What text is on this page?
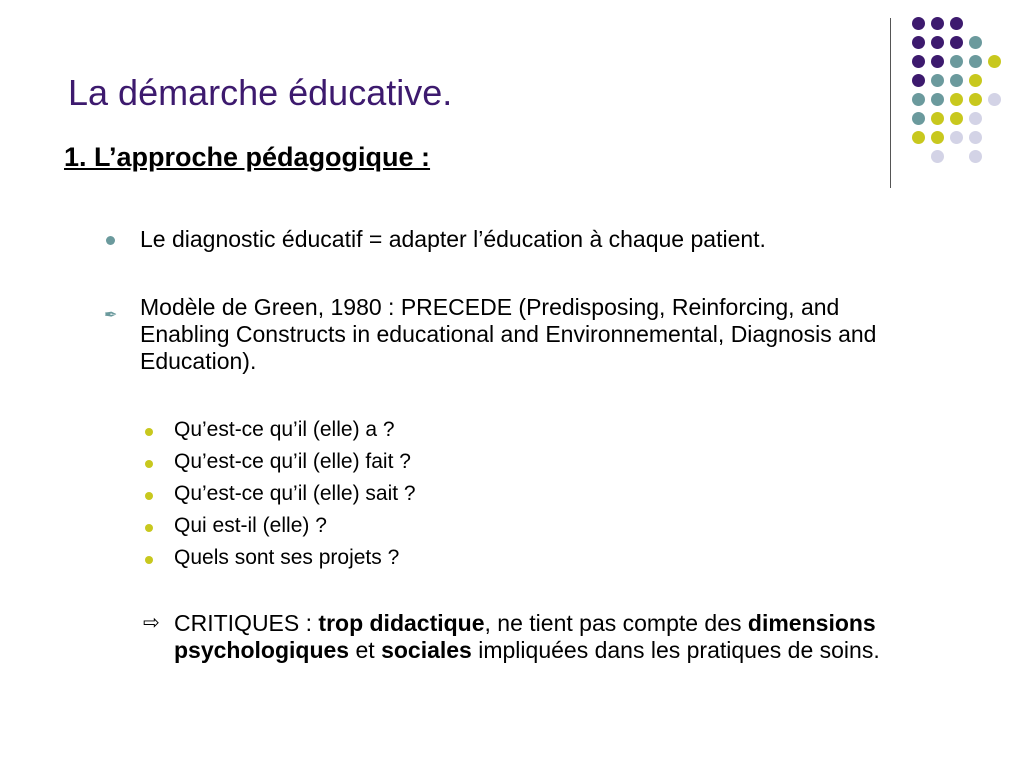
La démarche éducative.
1. L’approche pédagogique :

Le diagnostic éducatif = adapter l’éducation à chaque patient.

✒ Modèle de Green, 1980 : PRECEDE (Predisposing, Reinforcing, and Enabling Constructs in educational and Environnemental, Diagnosis and Education).

Qu’est-ce qu’il (elle) a ?

Qu’est-ce qu’il (elle) fait ?

Qu’est-ce qu’il (elle) sait ?

Qui est-il (elle) ?

Quels sont ses projets ?

⇨ CRITIQUES : trop didactique, ne tient pas compte des dimensions psychologiques et sociales impliquées dans les pratiques de soins.
